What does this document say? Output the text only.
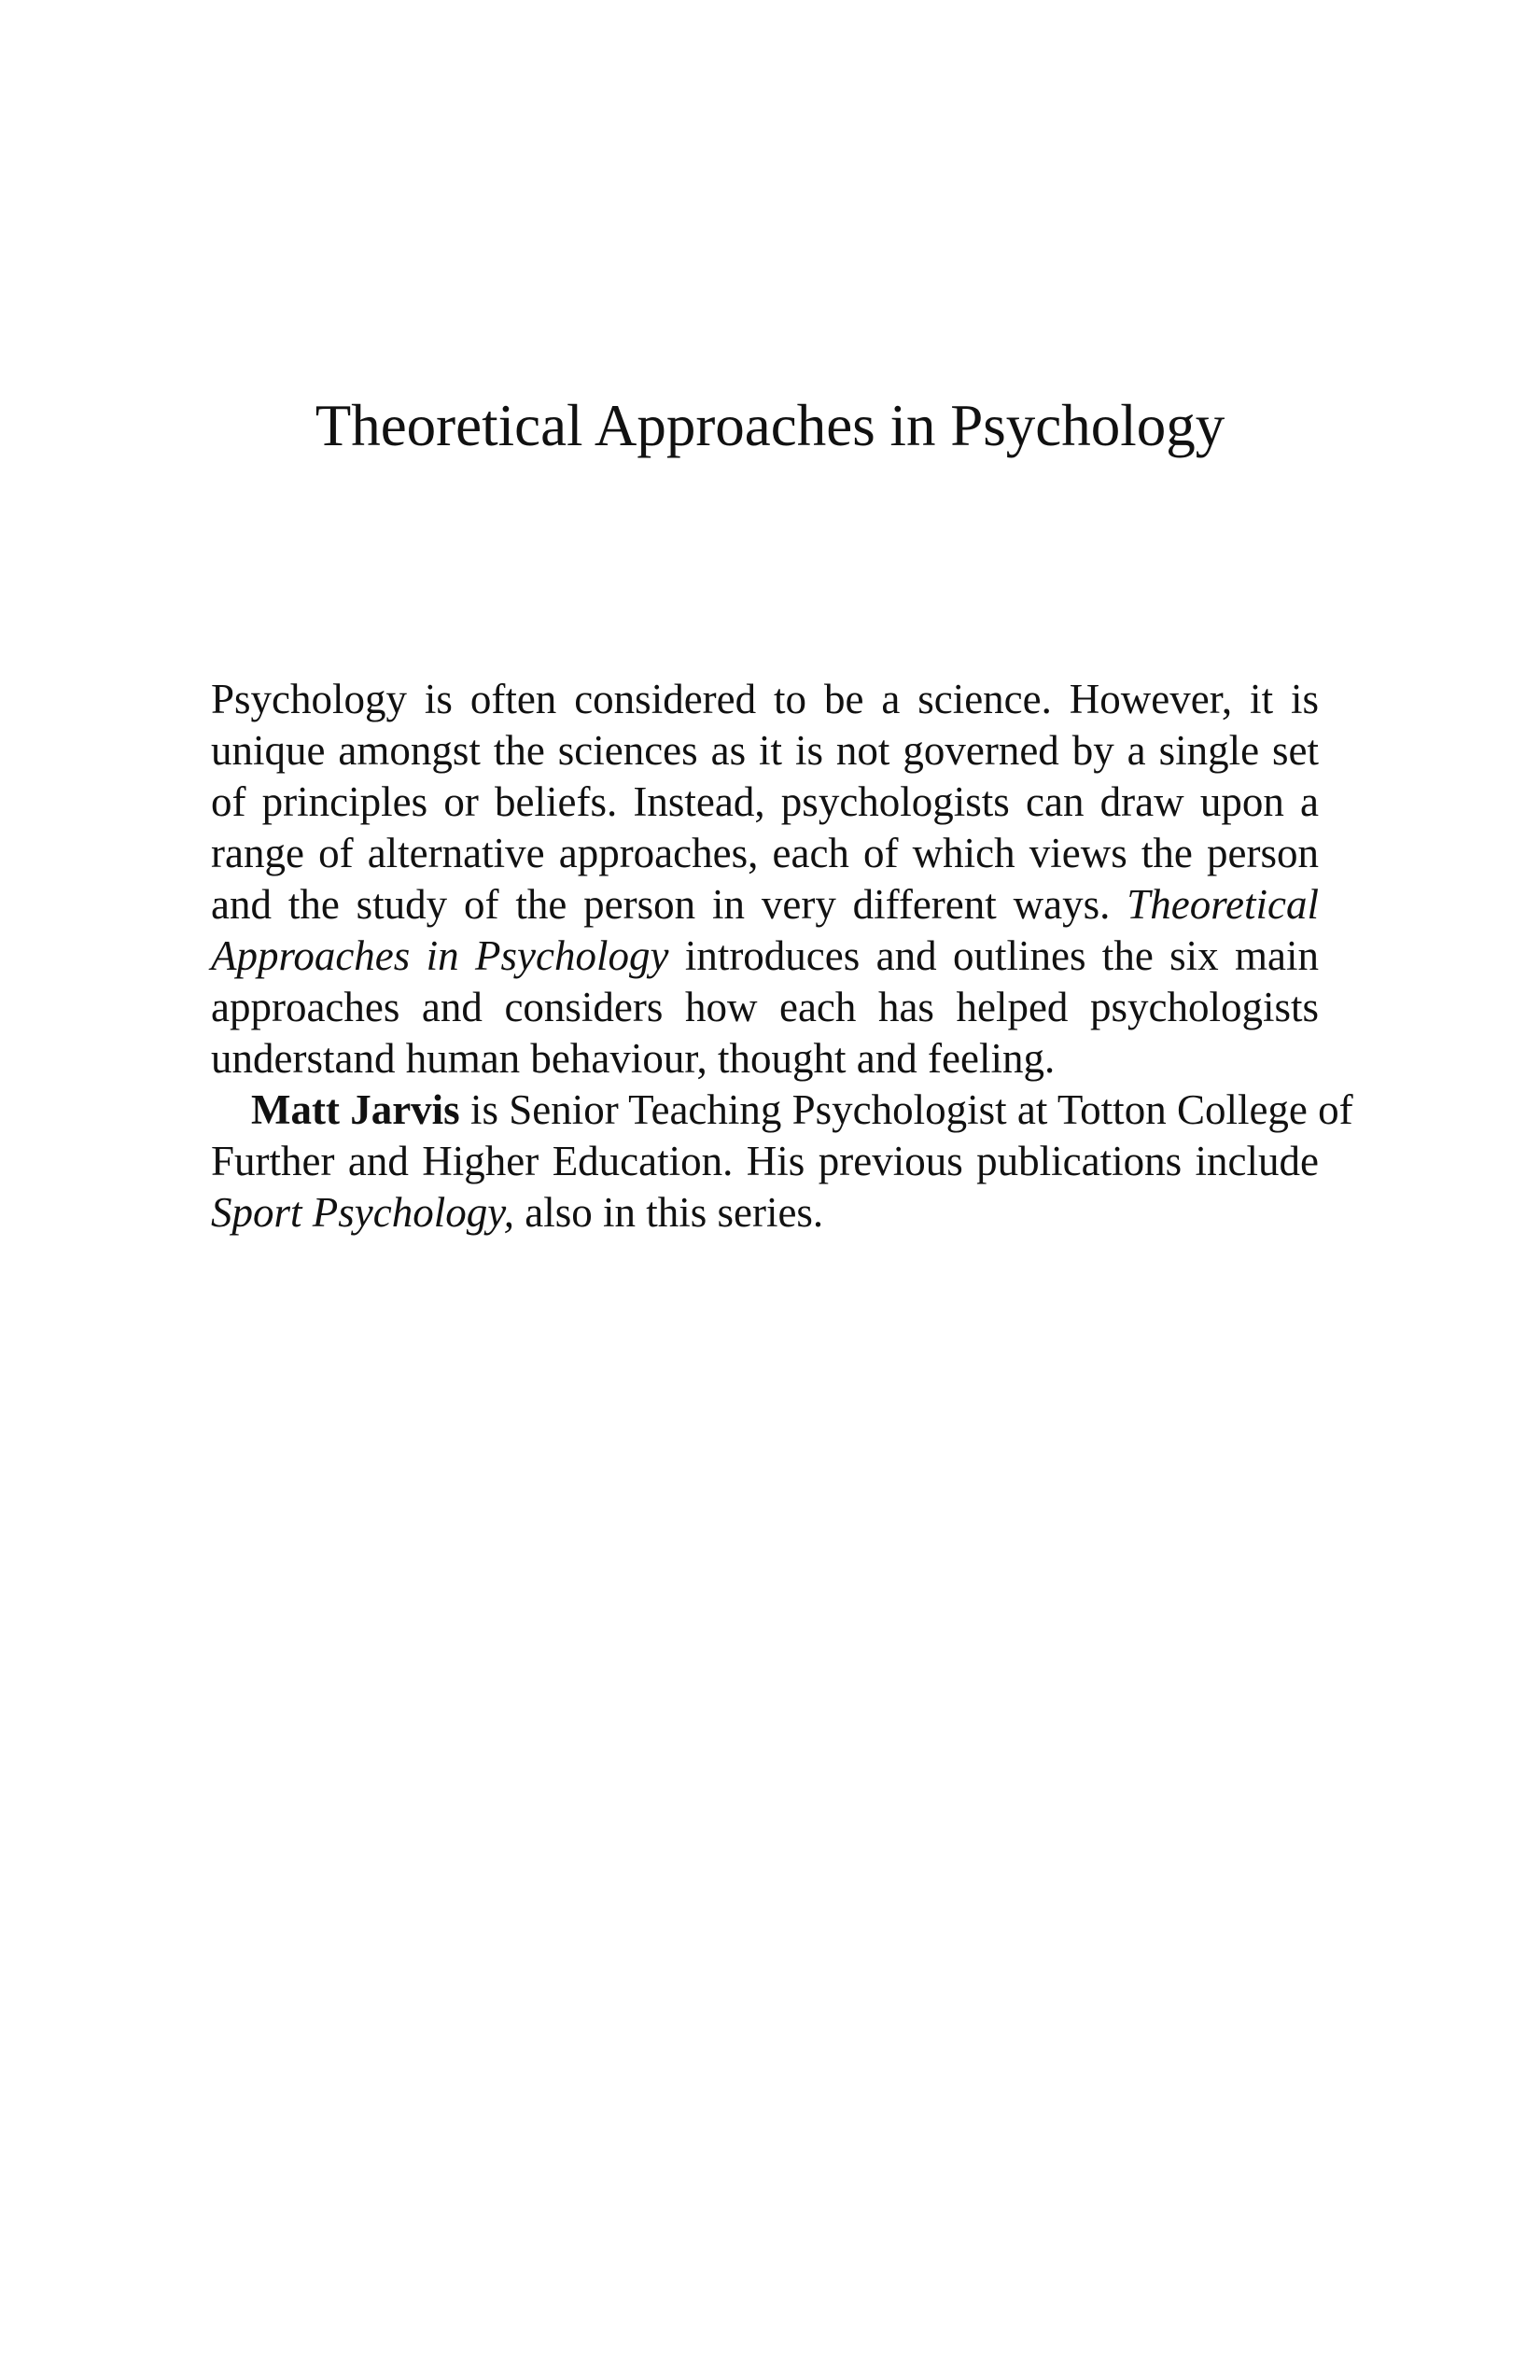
Theoretical Approaches in Psychology
Psychology is often considered to be a science. However, it is
unique amongst the sciences as it is not governed by a single set
of principles or beliefs. Instead, psychologists can draw upon a
range of alternative approaches, each of which views the person
and the study of the person in very different ways. Theoretical
Approaches in Psychology introduces and outlines the six main
approaches and considers how each has helped psychologists
understand human behaviour, thought and feeling.
Matt Jarvis is Senior Teaching Psychologist at Totton College of
Further and Higher Education. His previous publications include
Sport Psychology, also in this series.
